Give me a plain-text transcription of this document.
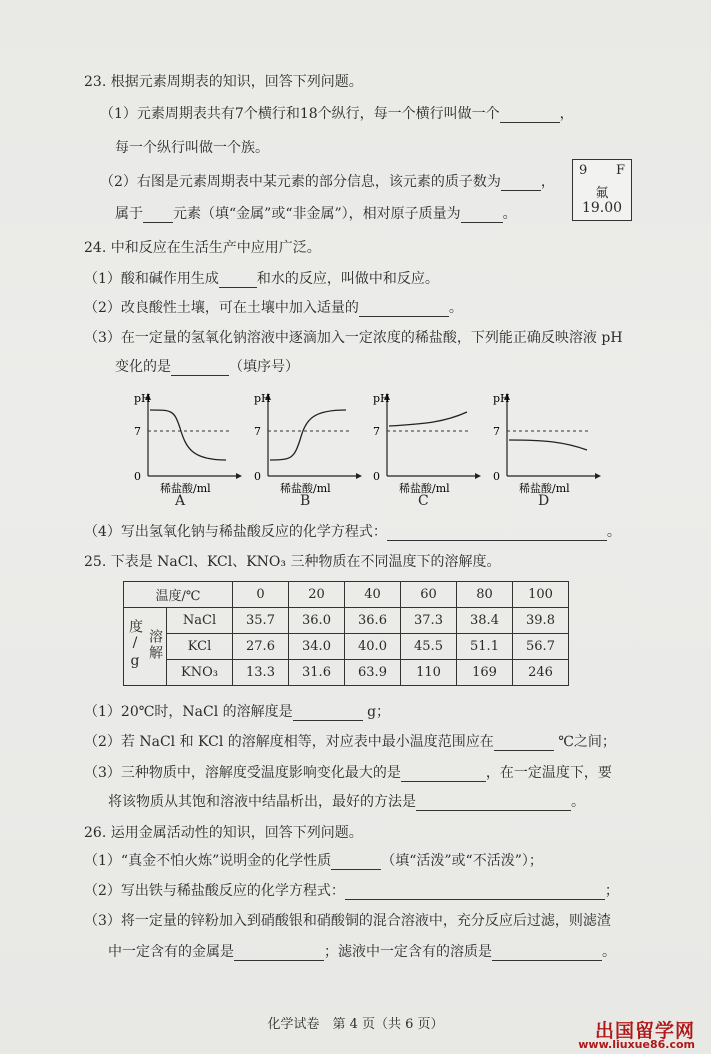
23. 根据元素周期表的知识，回答下列问题。
（1）元素周期表共有7个横行和18个纵行，每一个横行叫做一个	，
每一个纵行叫做一个族。
（2）右图是元素周期表中某元素的部分信息，该元素的质子数为	，
属于 元素（填“金属”或“非金属”），相对原子质量为	。
9 F
氟
19.00
24. 中和反应在生活生产中应用广泛。
（1）酸和碱作用生成	和水的反应，叫做中和反应。
（2）改良酸性土壤，可在土壤中加入适量的	。
（3）在一定量的氢氧化钠溶液中逐滴加入一定浓度的稀盐酸，下列能正确反映溶液 pH
变化的是	（填序号）
pH
7
0
稀盐酸/ml
A
pH
7
0
稀盐酸/ml
B
pH
7
0
稀盐酸/ml
C
pH
7
0
稀盐酸/ml
D
（4）写出氢氧化钠与稀盐酸反应的化学方程式：	。
25. 下表是 NaCl、KCl、KNO₃ 三种物质在不同温度下的溶解度。
温度/℃		0	20	40	60	80	100
溶解度/g	NaCl	35.7	36.0	36.6	37.3	38.4	39.8
	KCl	27.6	34.0	40.0	45.5	51.1	56.7
	KNO₃	13.3	31.6	63.9	110	169	246
（1）20℃时，NaCl 的溶解度是	g；
（2）若 NaCl 和 KCl 的溶解度相等，对应表中最小温度范围应在	℃之间；
（3）三种物质中，溶解度受温度影响变化最大的是	，在一定温度下，要
将该物质从其饱和溶液中结晶析出，最好的方法是	。
26. 运用金属活动性的知识，回答下列问题。
（1）“真金不怕火炼”说明金的化学性质	（填“活泼”或“不活泼”）；
（2）写出铁与稀盐酸反应的化学方程式：	；
（3）将一定量的锌粉加入到硝酸银和硝酸铜的混合溶液中，充分反应后过滤，则滤渣
中一定含有的金属是	；滤液中一定含有的溶质是	。
化学试卷　第 4 页（共 6 页）	出国留学网
www.liuxue86.com
